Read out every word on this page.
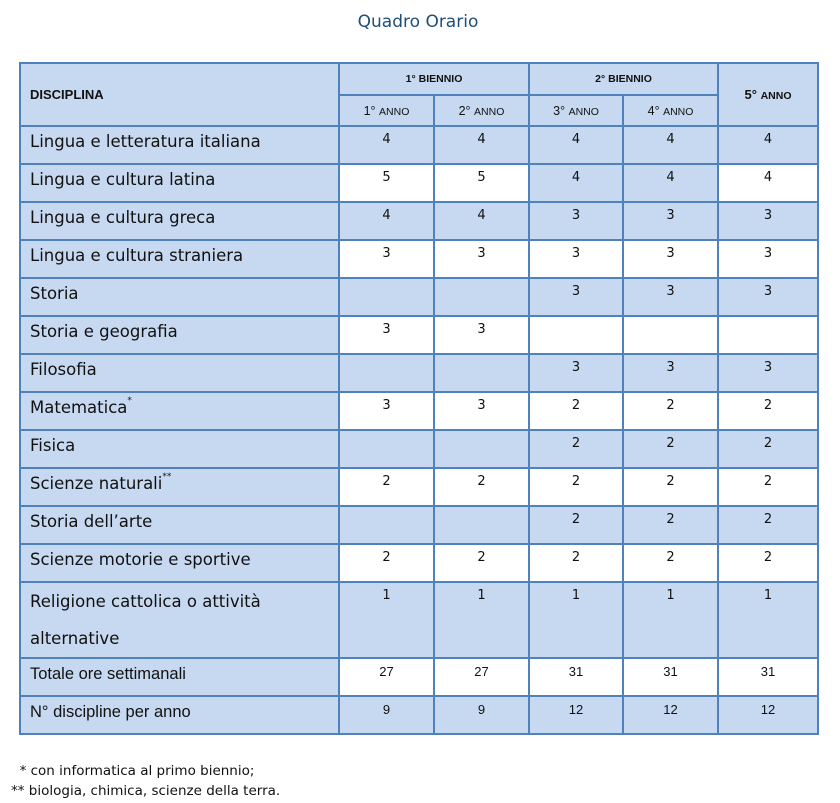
Quadro Orario
DISCIPLINA	1° BIENNIO		2° BIENNIO		5° ANNO
	1° ANNO	2° ANNO	3° ANNO	4° ANNO	
Lingua e letteratura italiana	4	4	4	4	4
Lingua e cultura latina	5	5	4	4	4
Lingua e cultura greca	4	4	3	3	3
Lingua e cultura straniera	3	3	3	3	3
Storia			3	3	3
Storia e geografia	3	3			
Filosofia			3	3	3
Matematica*	3	3	2	2	2
Fisica			2	2	2
Scienze naturali**	2	2	2	2	2
Storia dell’arte			2	2	2
Scienze motorie e sportive	2	2	2	2	2
Religione cattolica o attività alternative	1	1	1	1	1
Totale ore settimanali	27	27	31	31	31
N° discipline per anno	9	9	12	12	12
* con informatica al primo biennio;
** biologia, chimica, scienze della terra.
